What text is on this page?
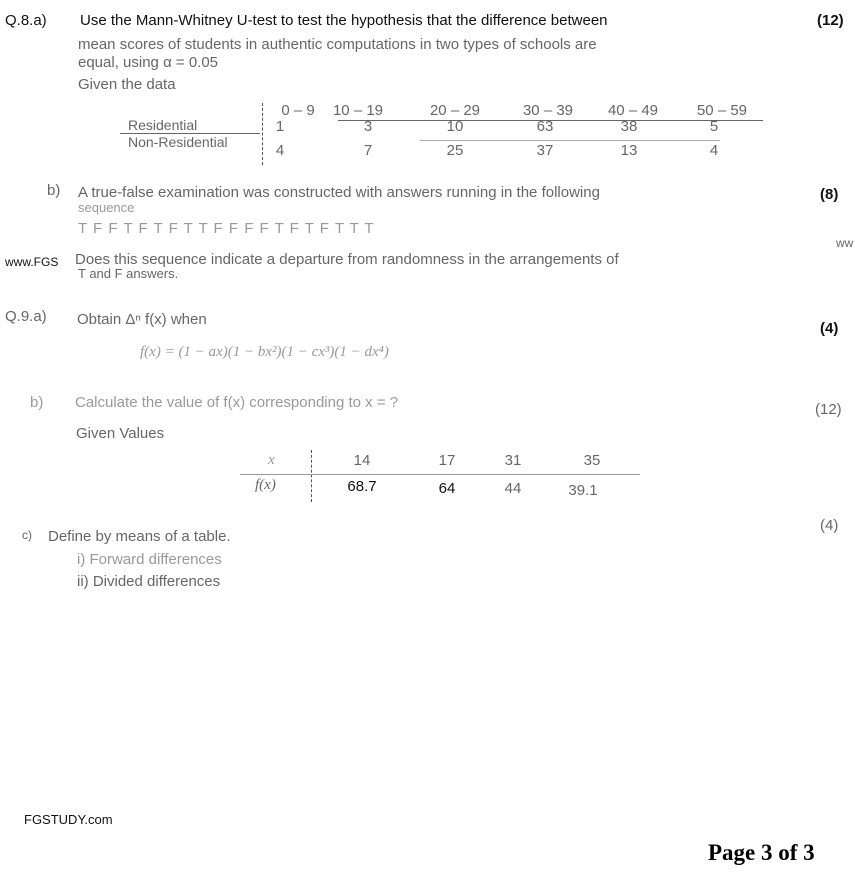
Q.8.a) Use the Mann-Whitney U-test to test the hypothesis that the difference between	(12)
mean scores of students in authentic computations in two types of schools are
equal, using α = 0.05
Given the data
0 – 9	10 – 19	20 – 29	30 – 39	40 – 49	50 – 59
Residential	1	3	10	63	38	5
Non-Residential	4	7	25	37	13	4
b) A true-false examination was constructed with answers running in the following	(8)
sequence
T F F T F T F T T F F F F T F T F T T T
Does this sequence indicate a departure from randomness in the arrangements of
T and F answers.
www.FGS
ww
Q.9.a) Obtain Δⁿ f(x) when
(4)
f(x) = (1 − ax)(1 − bx²)(1 − cx³)(1 − dx⁴)
b) Calculate the value of f(x) corresponding to x = ?	(12)
Given Values
x	14	17	31	35
f(x)	68.7	64	44	39.1
c) Define by means of a table.
(4)
i) Forward differences
ii) Divided differences
FGSTUDY.com
Page 3 of 3
